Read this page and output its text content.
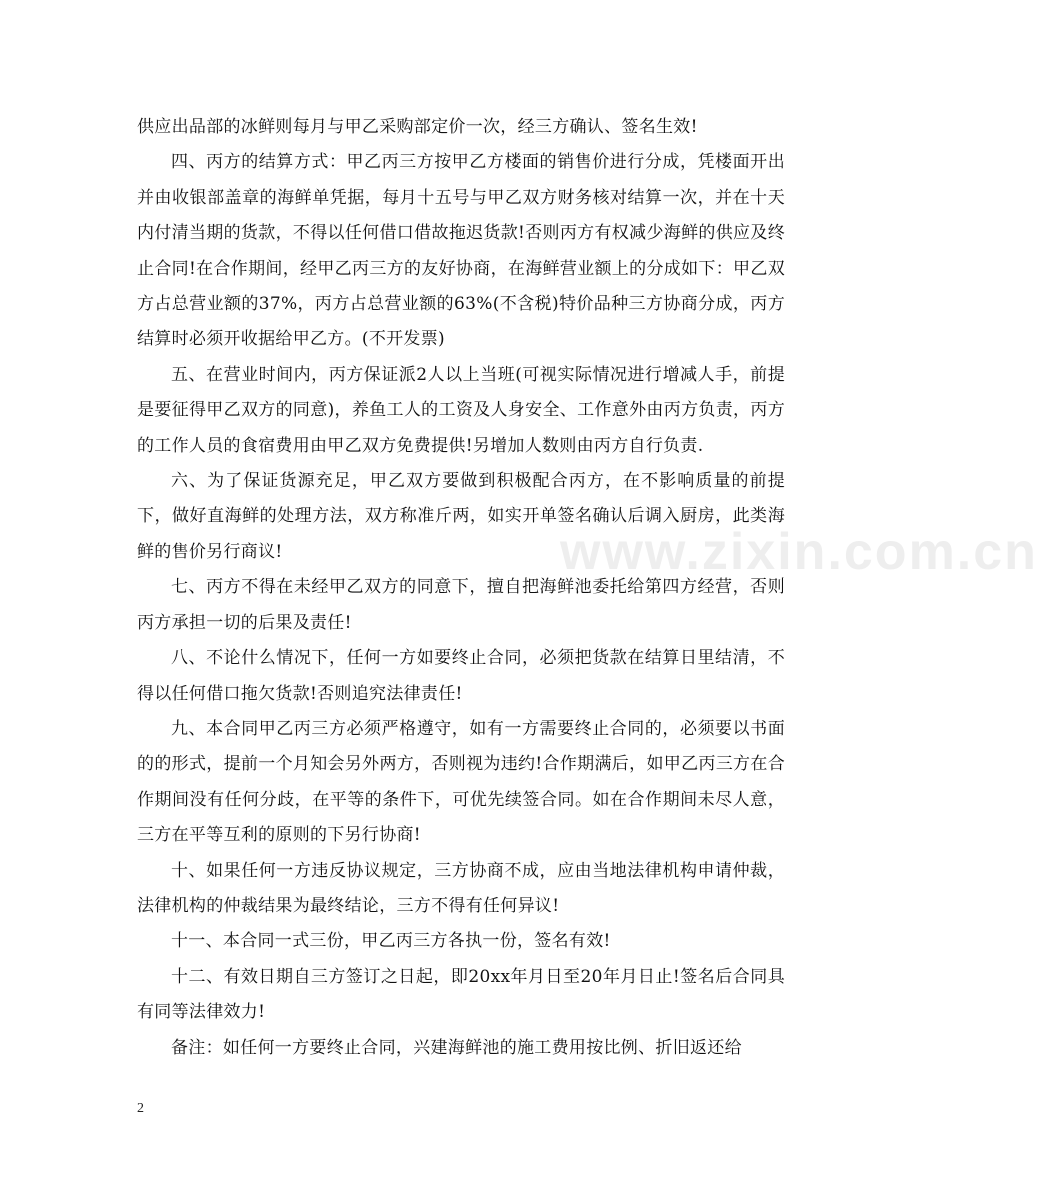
供应出品部的冰鲜则每月与甲乙采购部定价一次，经三方确认、签名生效!

四、丙方的结算方式：甲乙丙三方按甲乙方楼面的销售价进行分成，凭楼面开出并由收银部盖章的海鲜单凭据，每月十五号与甲乙双方财务核对结算一次，并在十天内付清当期的货款，不得以任何借口借故拖迟货款!否则丙方有权减少海鲜的供应及终止合同!在合作期间，经甲乙丙三方的友好协商，在海鲜营业额上的分成如下：甲乙双方占总营业额的37%，丙方占总营业额的63%(不含税)特价品种三方协商分成，丙方结算时必须开收据给甲乙方。(不开发票)

五、在营业时间内，丙方保证派2人以上当班(可视实际情况进行增减人手，前提是要征得甲乙双方的同意)，养鱼工人的工资及人身安全、工作意外由丙方负责，丙方的工作人员的食宿费用由甲乙双方免费提供!另增加人数则由丙方自行负责.

六、为了保证货源充足，甲乙双方要做到积极配合丙方，在不影响质量的前提下，做好直海鲜的处理方法，双方称准斤两，如实开单签名确认后调入厨房，此类海鲜的售价另行商议!

七、丙方不得在未经甲乙双方的同意下，擅自把海鲜池委托给第四方经营，否则丙方承担一切的后果及责任!

八、不论什么情况下，任何一方如要终止合同，必须把货款在结算日里结清，不得以任何借口拖欠货款!否则追究法律责任!

九、本合同甲乙丙三方必须严格遵守，如有一方需要终止合同的，必须要以书面的的形式，提前一个月知会另外两方，否则视为违约!合作期满后，如甲乙丙三方在合作期间没有任何分歧，在平等的条件下，可优先续签合同。如在合作期间未尽人意，三方在平等互利的原则的下另行协商!

十、如果任何一方违反协议规定，三方协商不成，应由当地法律机构申请仲裁，法律机构的仲裁结果为最终结论，三方不得有任何异议!

十一、本合同一式三份，甲乙丙三方各执一份，签名有效!

十二、有效日期自三方签订之日起，即20xx年月日至20年月日止!签名后合同具有同等法律效力!

备注：如任何一方要终止合同，兴建海鲜池的施工费用按比例、折旧返还给

www.zixin.com.cn
2
